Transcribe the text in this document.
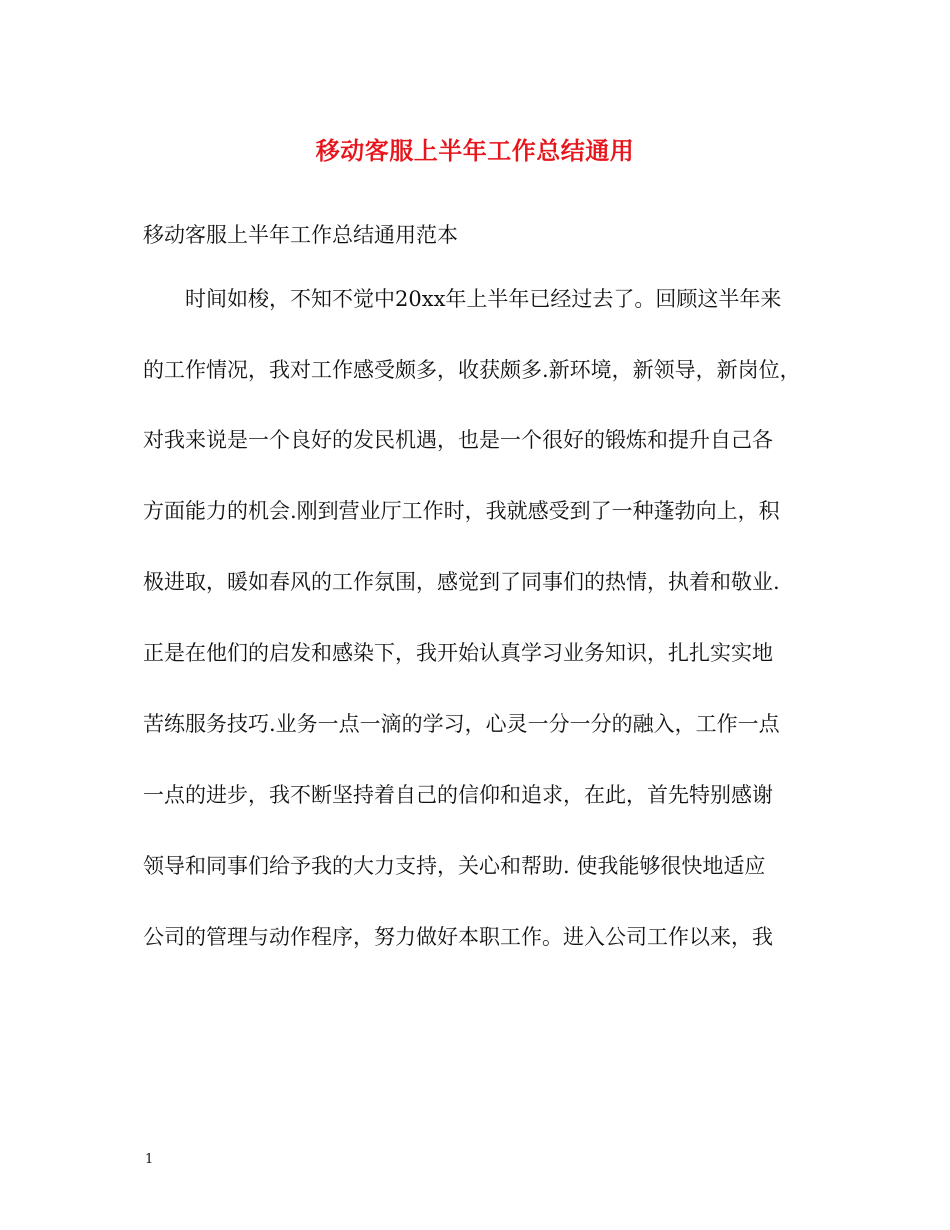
移动客服上半年工作总结通用
移动客服上半年工作总结通用范本
时间如梭，不知不觉中20xx年上半年已经过去了。回顾这半年来
的工作情况，我对工作感受颇多，收获颇多.新环境，新领导，新岗位，
对我来说是一个良好的发民机遇，也是一个很好的锻炼和提升自己各
方面能力的机会.刚到营业厅工作时，我就感受到了一种蓬勃向上，积
极进取，暖如春风的工作氛围，感觉到了同事们的热情，执着和敬业.
正是在他们的启发和感染下，我开始认真学习业务知识，扎扎实实地
苦练服务技巧.业务一点一滴的学习，心灵一分一分的融入，工作一点
一点的进步，我不断坚持着自己的信仰和追求，在此，首先特别感谢
领导和同事们给予我的大力支持，关心和帮助. 使我能够很快地适应
公司的管理与动作程序，努力做好本职工作。进入公司工作以来，我
1
